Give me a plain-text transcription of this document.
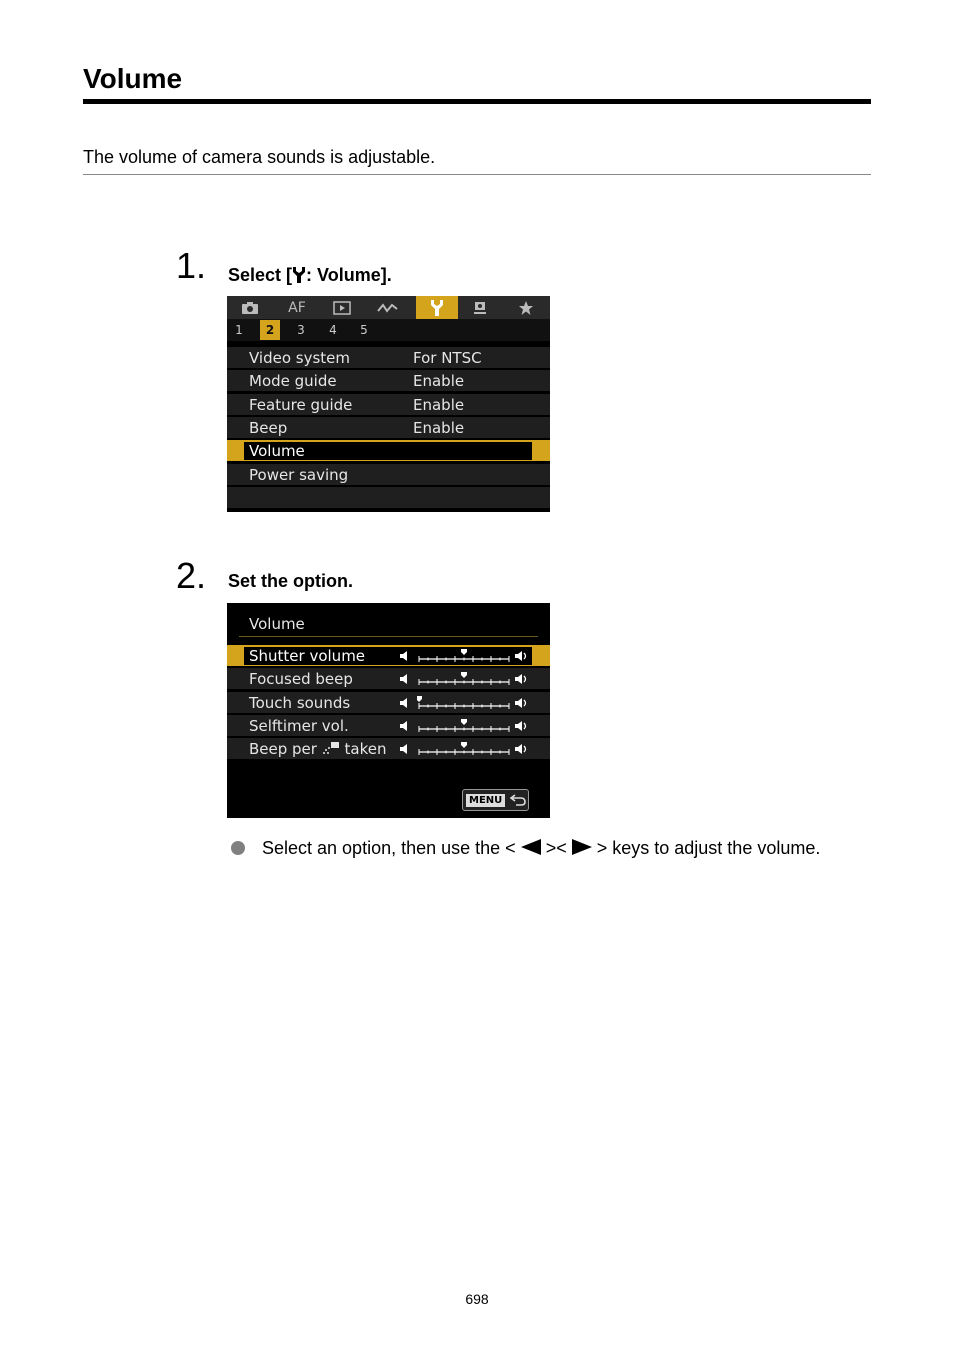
Volume
The volume of camera sounds is adjustable.
1. Select [ : Volume].
AF
1	2	3	4	5
Video system	For NTSC
Mode guide	Enable
Feature guide	Enable
Beep	Enable
Volume
Power saving
2. Set the option.
Volume
Shutter volume
Focused beep
Touch sounds
Selftimer vol.
Beep per taken
MENU
Select an option, then use the <  ><  > keys to adjust the volume.
698
